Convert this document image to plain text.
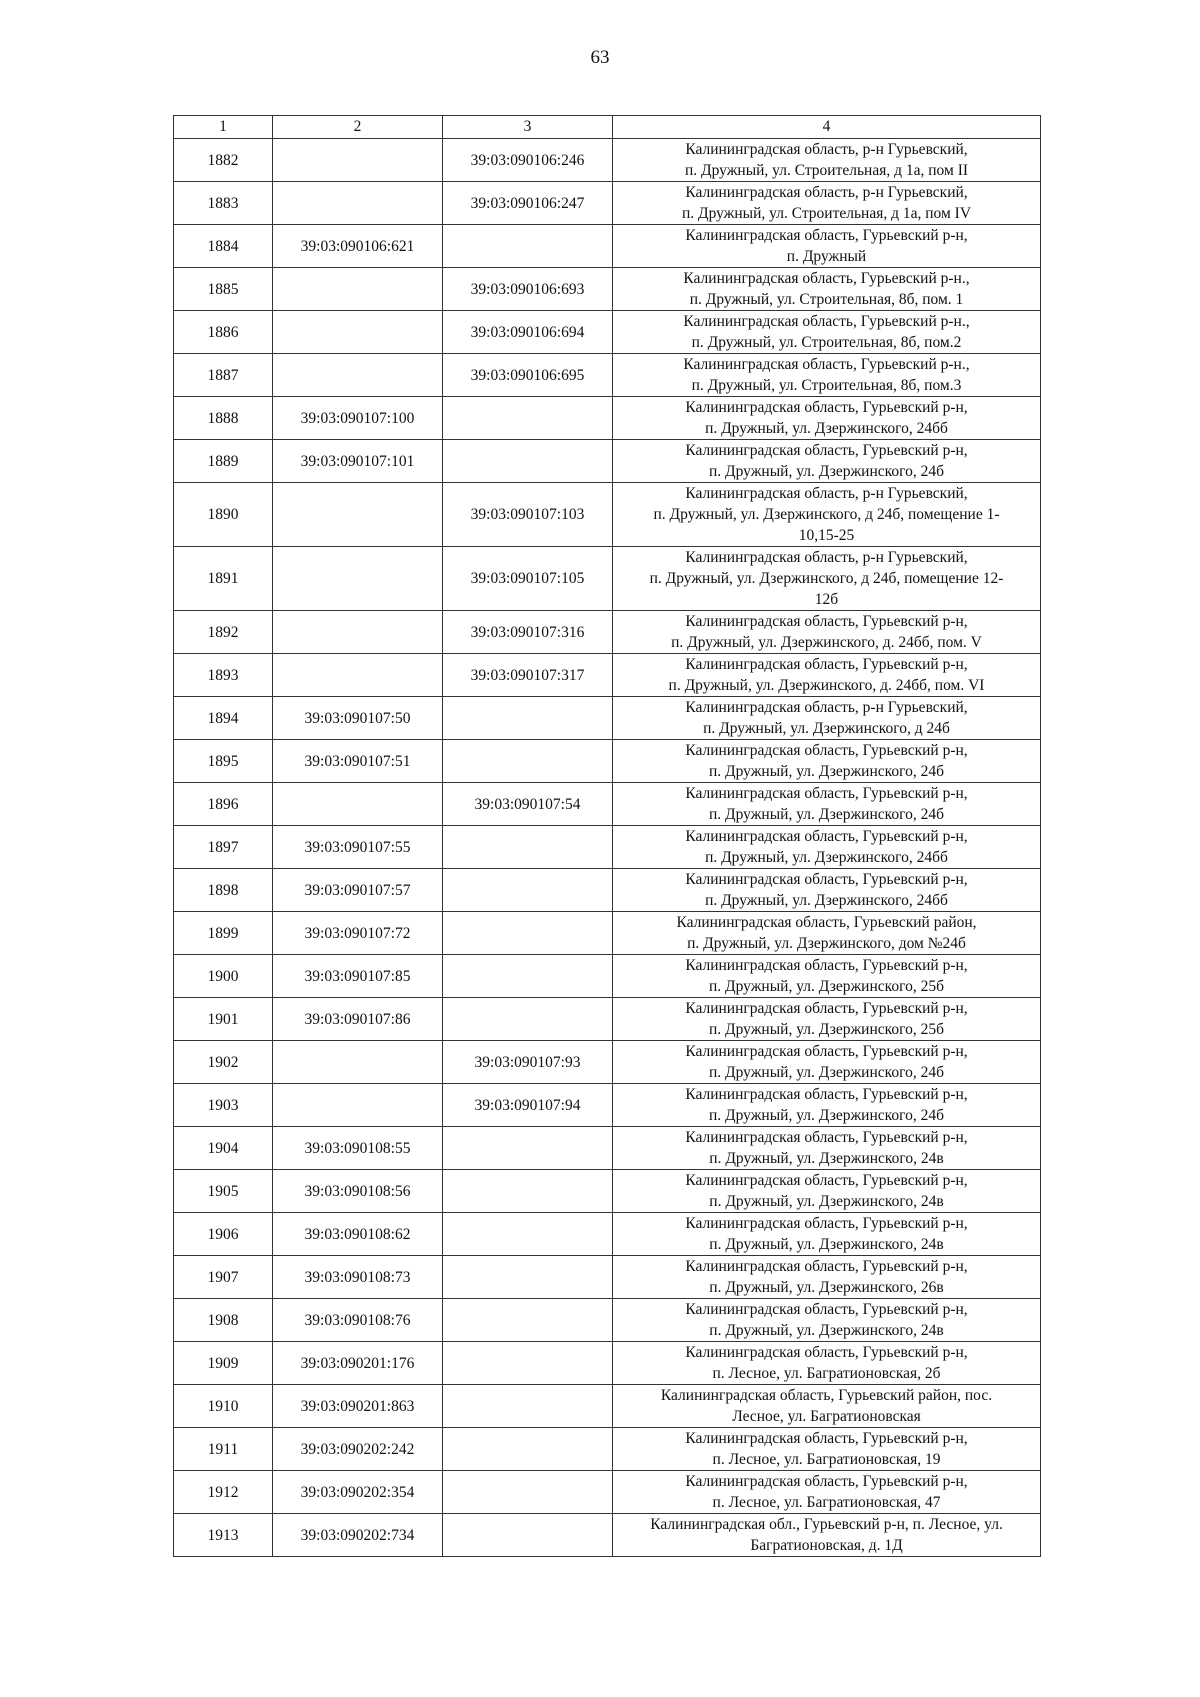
63
1	2	3	4
1882		39:03:090106:246	Калининградская область, р-н Гурьевский,
п. Дружный, ул. Строительная, д 1а, пом II
1883		39:03:090106:247	Калининградская область, р-н Гурьевский,
п. Дружный, ул. Строительная, д 1а, пом IV
1884	39:03:090106:621		Калининградская область, Гурьевский р-н,
п. Дружный
1885		39:03:090106:693	Калининградская область, Гурьевский р-н.,
п. Дружный, ул. Строительная, 8б, пом. 1
1886		39:03:090106:694	Калининградская область, Гурьевский р-н.,
п. Дружный, ул. Строительная, 8б, пом.2
1887		39:03:090106:695	Калининградская область, Гурьевский р-н.,
п. Дружный, ул. Строительная, 8б, пом.3
1888	39:03:090107:100		Калининградская область, Гурьевский р-н,
п. Дружный, ул. Дзержинского, 24бб
1889	39:03:090107:101		Калининградская область, Гурьевский р-н,
п. Дружный, ул. Дзержинского, 24б
1890		39:03:090107:103	Калининградская область, р-н Гурьевский,
п. Дружный, ул. Дзержинского, д 24б, помещение 1-
10,15-25
1891		39:03:090107:105	Калининградская область, р-н Гурьевский,
п. Дружный, ул. Дзержинского, д 24б, помещение 12-
12б
1892		39:03:090107:316	Калининградская область, Гурьевский р-н,
п. Дружный, ул. Дзержинского, д. 24бб, пом. V
1893		39:03:090107:317	Калининградская область, Гурьевский р-н,
п. Дружный, ул. Дзержинского, д. 24бб, пом. VI
1894	39:03:090107:50		Калининградская область, р-н Гурьевский,
п. Дружный, ул. Дзержинского, д 24б
1895	39:03:090107:51		Калининградская область, Гурьевский р-н,
п. Дружный, ул. Дзержинского, 24б
1896		39:03:090107:54	Калининградская область, Гурьевский р-н,
п. Дружный, ул. Дзержинского, 24б
1897	39:03:090107:55		Калининградская область, Гурьевский р-н,
п. Дружный, ул. Дзержинского, 24бб
1898	39:03:090107:57		Калининградская область, Гурьевский р-н,
п. Дружный, ул. Дзержинского, 24бб
1899	39:03:090107:72		Калининградская область, Гурьевский район,
п. Дружный, ул. Дзержинского, дом №24б
1900	39:03:090107:85		Калининградская область, Гурьевский р-н,
п. Дружный, ул. Дзержинского, 25б
1901	39:03:090107:86		Калининградская область, Гурьевский р-н,
п. Дружный, ул. Дзержинского, 25б
1902		39:03:090107:93	Калининградская область, Гурьевский р-н,
п. Дружный, ул. Дзержинского, 24б
1903		39:03:090107:94	Калининградская область, Гурьевский р-н,
п. Дружный, ул. Дзержинского, 24б
1904	39:03:090108:55		Калининградская область, Гурьевский р-н,
п. Дружный, ул. Дзержинского, 24в
1905	39:03:090108:56		Калининградская область, Гурьевский р-н,
п. Дружный, ул. Дзержинского, 24в
1906	39:03:090108:62		Калининградская область, Гурьевский р-н,
п. Дружный, ул. Дзержинского, 24в
1907	39:03:090108:73		Калининградская область, Гурьевский р-н,
п. Дружный, ул. Дзержинского, 26в
1908	39:03:090108:76		Калининградская область, Гурьевский р-н,
п. Дружный, ул. Дзержинского, 24в
1909	39:03:090201:176		Калининградская область, Гурьевский р-н,
п. Лесное, ул. Багратионовская, 2б
1910	39:03:090201:863		Калининградская область, Гурьевский район, пос.
Лесное, ул. Багратионовская
1911	39:03:090202:242		Калининградская область, Гурьевский р-н,
п. Лесное, ул. Багратионовская, 19
1912	39:03:090202:354		Калининградская область, Гурьевский р-н,
п. Лесное, ул. Багратионовская, 47
1913	39:03:090202:734		Калининградская обл., Гурьевский р-н, п. Лесное, ул.
Багратионовская, д. 1Д
